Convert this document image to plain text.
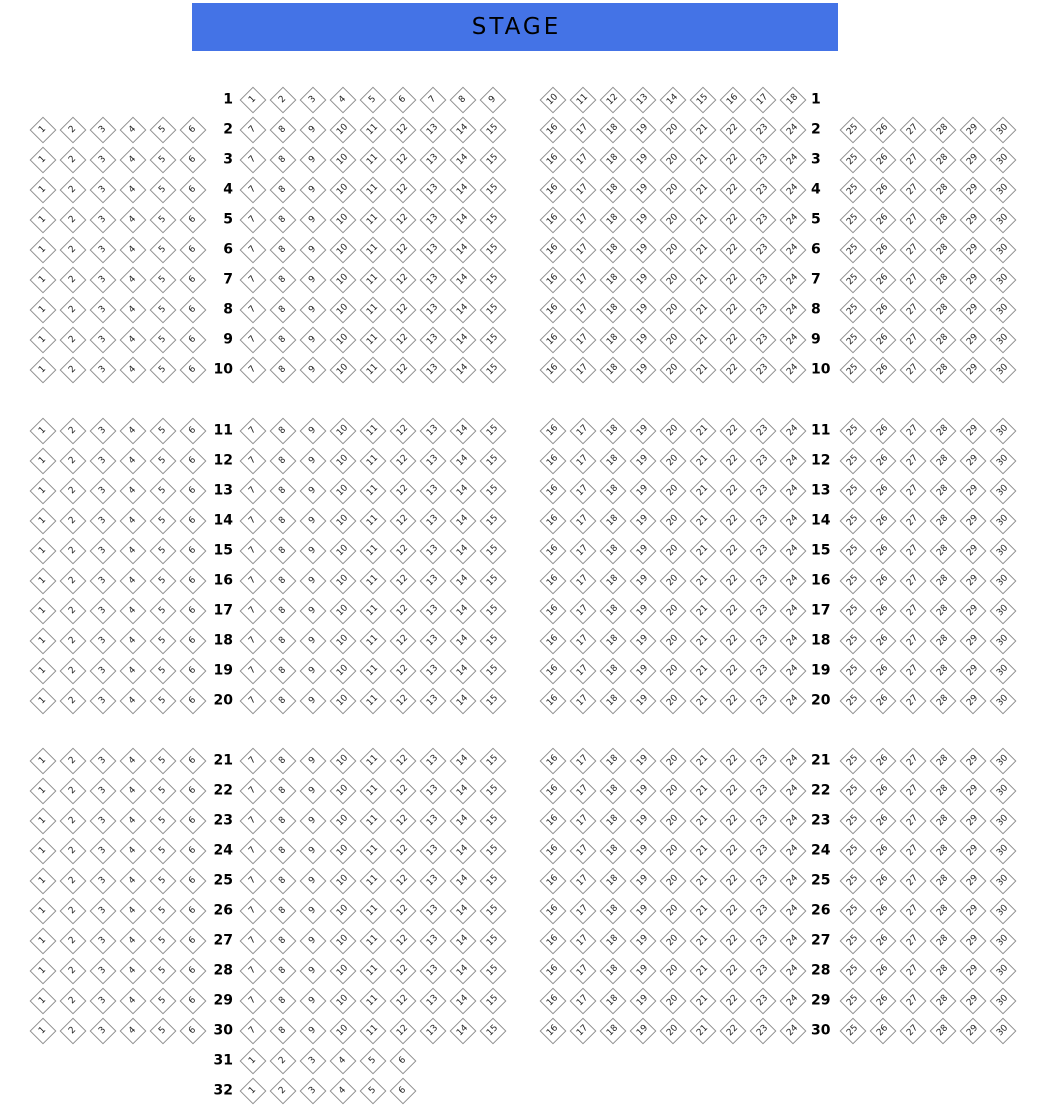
STAGE
1	1
1	2	3	4	5	6	7	8	9	10	11	12	13	14	15	16	17	18
2	2
1	2	3	4	5	6	7	8	9	10	11	12	13	14	15	16	17	18	19	20	21	22	23	24	25	26	27	28	29	30
3	3
1	2	3	4	5	6	7	8	9	10	11	12	13	14	15	16	17	18	19	20	21	22	23	24	25	26	27	28	29	30
4	4
1	2	3	4	5	6	7	8	9	10	11	12	13	14	15	16	17	18	19	20	21	22	23	24	25	26	27	28	29	30
5	5
1	2	3	4	5	6	7	8	9	10	11	12	13	14	15	16	17	18	19	20	21	22	23	24	25	26	27	28	29	30
6	6
1	2	3	4	5	6	7	8	9	10	11	12	13	14	15	16	17	18	19	20	21	22	23	24	25	26	27	28	29	30
7	7
1	2	3	4	5	6	7	8	9	10	11	12	13	14	15	16	17	18	19	20	21	22	23	24	25	26	27	28	29	30
8	8
1	2	3	4	5	6	7	8	9	10	11	12	13	14	15	16	17	18	19	20	21	22	23	24	25	26	27	28	29	30
9	9
1	2	3	4	5	6	7	8	9	10	11	12	13	14	15	16	17	18	19	20	21	22	23	24	25	26	27	28	29	30
10	10
1	2	3	4	5	6	7	8	9	10	11	12	13	14	15	16	17	18	19	20	21	22	23	24	25	26	27	28	29	30
11	11
1	2	3	4	5	6	7	8	9	10	11	12	13	14	15	16	17	18	19	20	21	22	23	24	25	26	27	28	29	30
12	12
1	2	3	4	5	6	7	8	9	10	11	12	13	14	15	16	17	18	19	20	21	22	23	24	25	26	27	28	29	30
13	13
1	2	3	4	5	6	7	8	9	10	11	12	13	14	15	16	17	18	19	20	21	22	23	24	25	26	27	28	29	30
14	14
1	2	3	4	5	6	7	8	9	10	11	12	13	14	15	16	17	18	19	20	21	22	23	24	25	26	27	28	29	30
15	15
1	2	3	4	5	6	7	8	9	10	11	12	13	14	15	16	17	18	19	20	21	22	23	24	25	26	27	28	29	30
16	16
1	2	3	4	5	6	7	8	9	10	11	12	13	14	15	16	17	18	19	20	21	22	23	24	25	26	27	28	29	30
17	17
1	2	3	4	5	6	7	8	9	10	11	12	13	14	15	16	17	18	19	20	21	22	23	24	25	26	27	28	29	30
18	18
1	2	3	4	5	6	7	8	9	10	11	12	13	14	15	16	17	18	19	20	21	22	23	24	25	26	27	28	29	30
19	19
1	2	3	4	5	6	7	8	9	10	11	12	13	14	15	16	17	18	19	20	21	22	23	24	25	26	27	28	29	30
20	20
1	2	3	4	5	6	7	8	9	10	11	12	13	14	15	16	17	18	19	20	21	22	23	24	25	26	27	28	29	30
21	21
1	2	3	4	5	6	7	8	9	10	11	12	13	14	15	16	17	18	19	20	21	22	23	24	25	26	27	28	29	30
22	22
1	2	3	4	5	6	7	8	9	10	11	12	13	14	15	16	17	18	19	20	21	22	23	24	25	26	27	28	29	30
23	23
1	2	3	4	5	6	7	8	9	10	11	12	13	14	15	16	17	18	19	20	21	22	23	24	25	26	27	28	29	30
24	24
1	2	3	4	5	6	7	8	9	10	11	12	13	14	15	16	17	18	19	20	21	22	23	24	25	26	27	28	29	30
25	25
1	2	3	4	5	6	7	8	9	10	11	12	13	14	15	16	17	18	19	20	21	22	23	24	25	26	27	28	29	30
26	26
1	2	3	4	5	6	7	8	9	10	11	12	13	14	15	16	17	18	19	20	21	22	23	24	25	26	27	28	29	30
27	27
1	2	3	4	5	6	7	8	9	10	11	12	13	14	15	16	17	18	19	20	21	22	23	24	25	26	27	28	29	30
28	28
1	2	3	4	5	6	7	8	9	10	11	12	13	14	15	16	17	18	19	20	21	22	23	24	25	26	27	28	29	30
29	29
1	2	3	4	5	6	7	8	9	10	11	12	13	14	15	16	17	18	19	20	21	22	23	24	25	26	27	28	29	30
30	30
1	2	3	4	5	6	7	8	9	10	11	12	13	14	15	16	17	18	19	20	21	22	23	24	25	26	27	28	29	30
31	1	2	3	4	5	6
32	1	2	3	4	5	6
